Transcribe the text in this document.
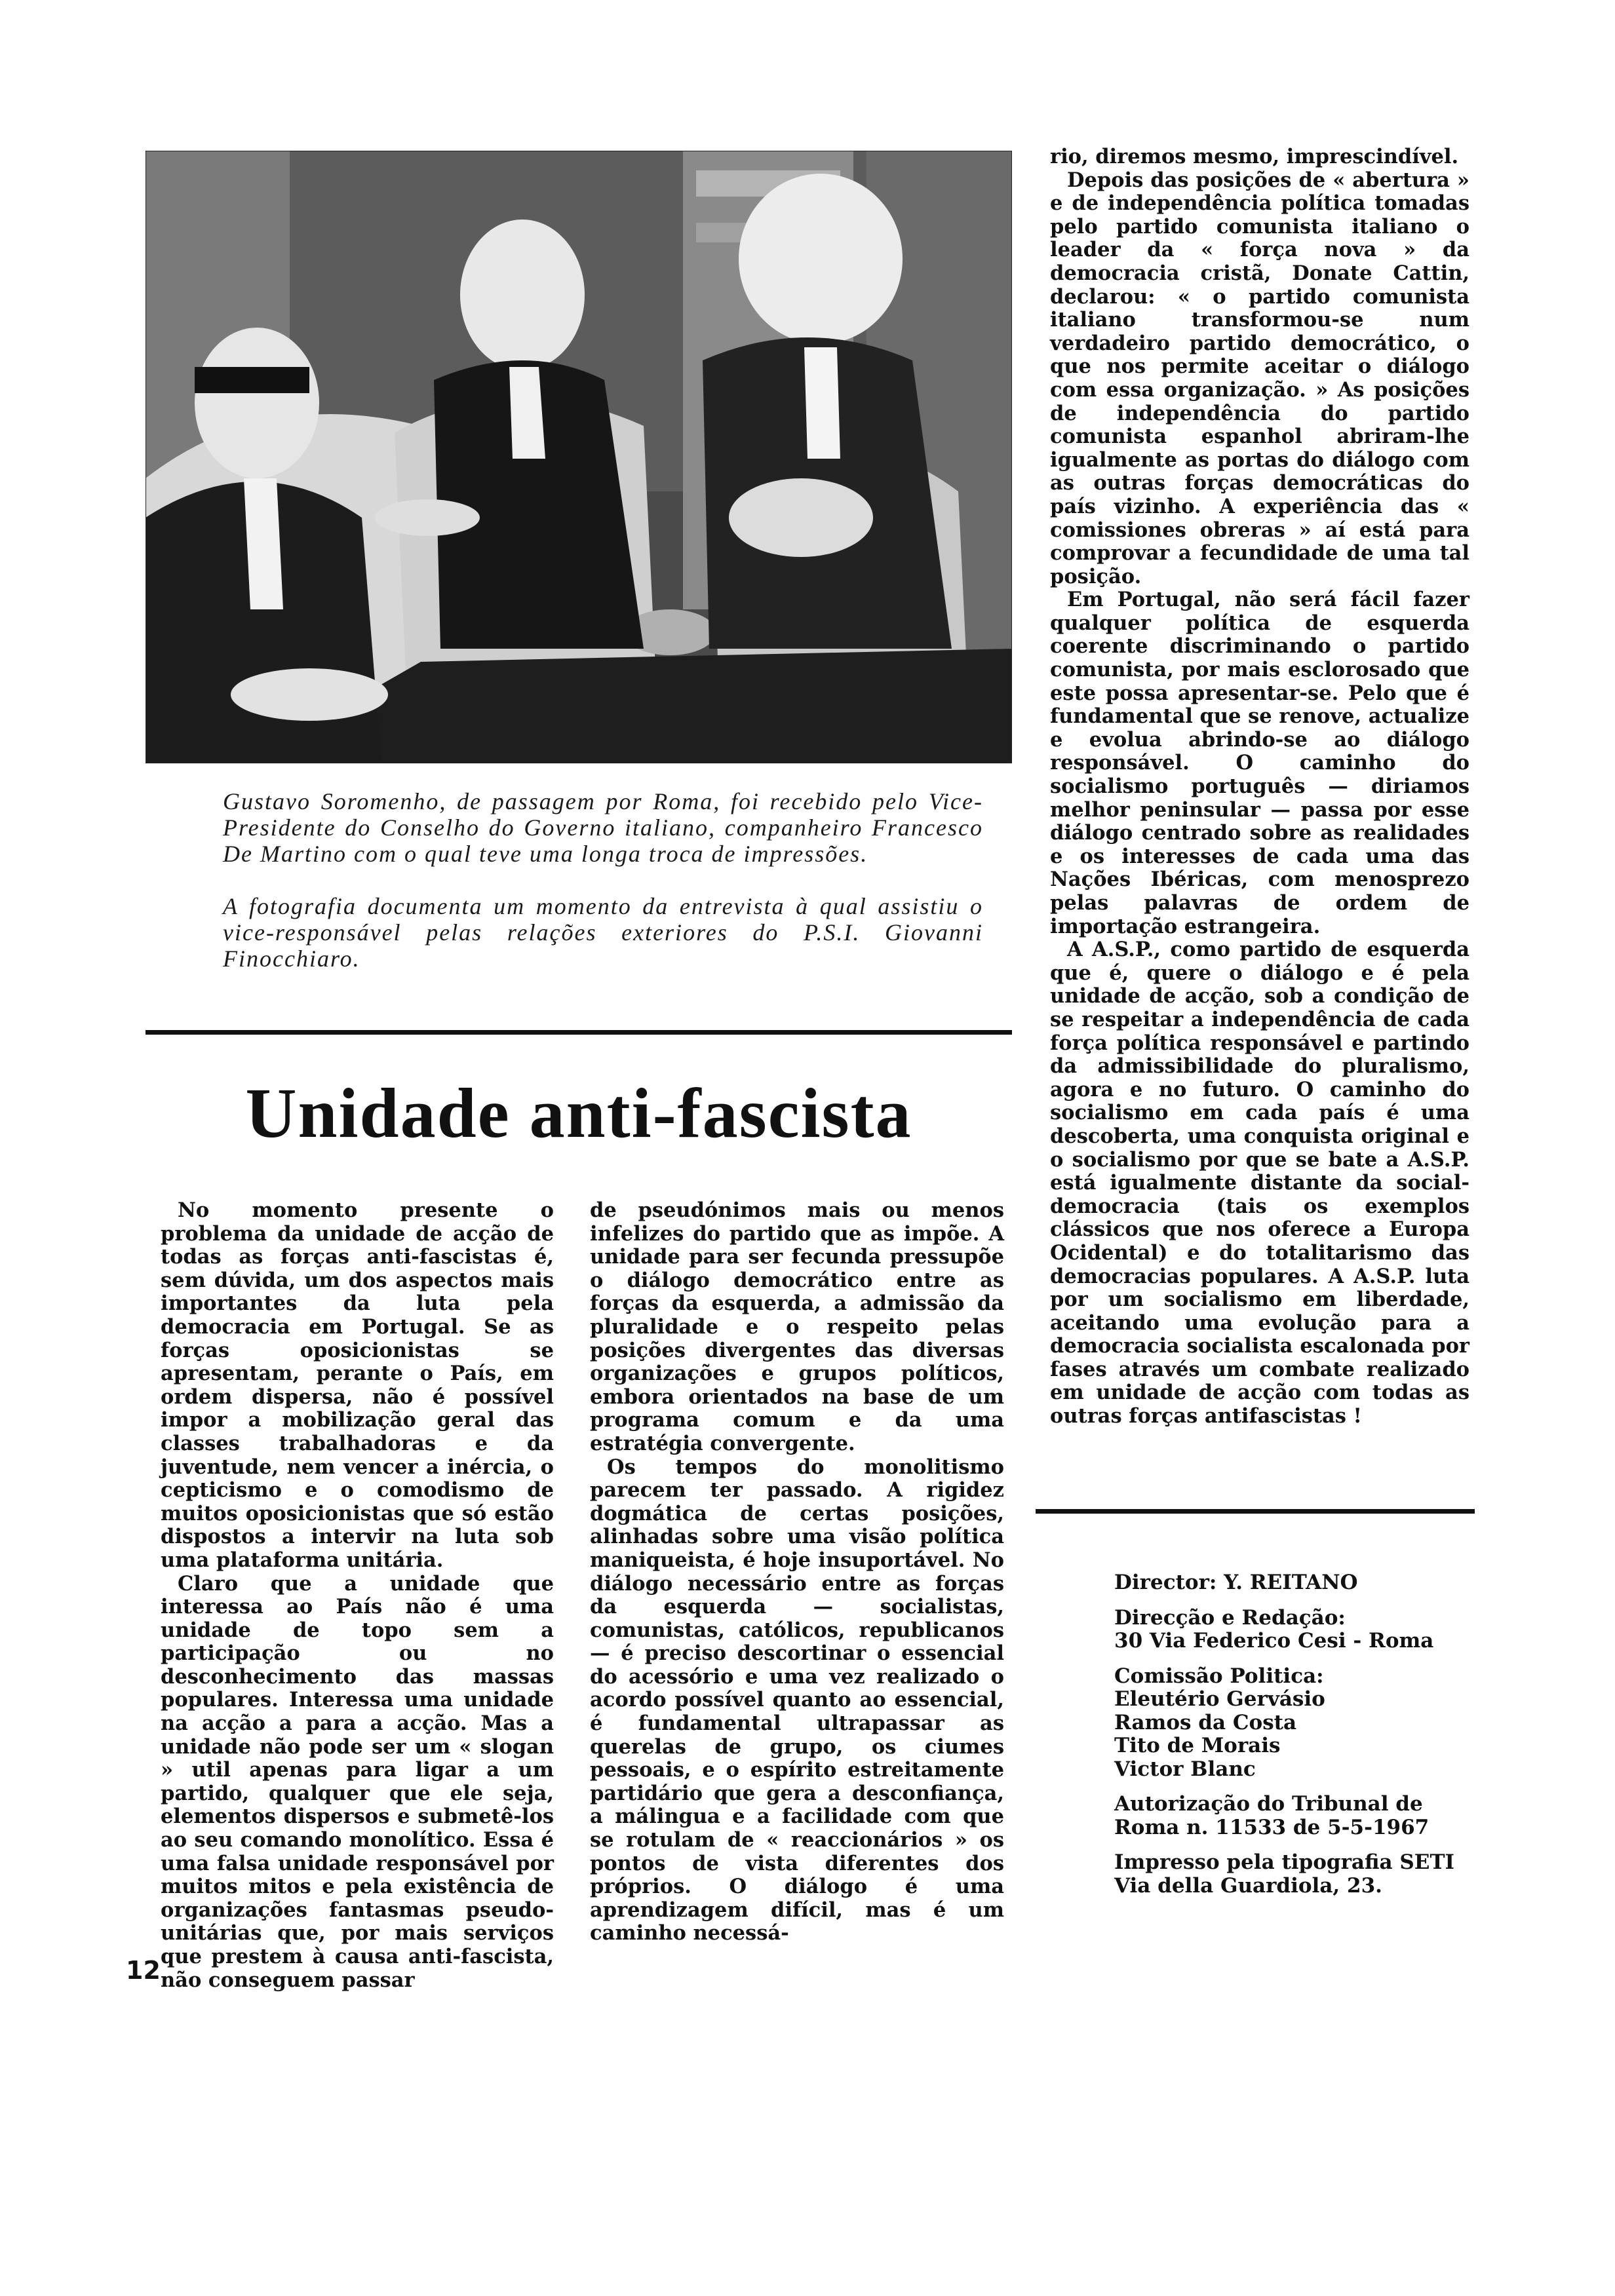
Gustavo Soromenho, de passagem por Roma, foi recebido pelo Vice-Presidente do Conselho do Governo italiano, companheiro Francesco De Martino com o qual teve uma longa troca de impressões.

A fotografia documenta um momento da entrevista à qual assistiu o vice-responsável pelas relações exteriores do P.S.I. Giovanni Finocchiaro.

Unidade anti-fascista

No momento presente o problema da unidade de acção de todas as forças anti-fascistas é, sem dúvida, um dos aspectos mais importantes da luta pela democracia em Portugal. Se as forças oposicionistas se apresentam, perante o País, em ordem dispersa, não é possível impor a mobilização geral das classes trabalhadoras e da juventude, nem vencer a inércia, o cepticismo e o comodismo de muitos oposicionistas que só estão dispostos a intervir na luta sob uma plataforma unitária.

Claro que a unidade que interessa ao País não é uma unidade de topo sem a participação ou no desconhecimento das massas populares. Interessa uma unidade na acção a para a acção. Mas a unidade não pode ser um « slogan » util apenas para ligar a um partido, qualquer que ele seja, elementos dispersos e submetê-los ao seu comando monolítico. Essa é uma falsa unidade responsável por muitos mitos e pela existência de organizações fantasmas pseudo-unitárias que, por mais serviços que prestem à causa anti-fascista, não conseguem passar

de pseudónimos mais ou menos infelizes do partido que as impõe. A unidade para ser fecunda pressupõe o diálogo democrático entre as forças da esquerda, a admissão da pluralidade e o respeito pelas posições divergentes das diversas organizações e grupos políticos, embora orientados na base de um programa comum e da uma estratégia convergente.

Os tempos do monolitismo parecem ter passado. A rigidez dogmática de certas posições, alinhadas sobre uma visão política maniqueista, é hoje insuportável. No diálogo necessário entre as forças da esquerda — socialistas, comunistas, católicos, republicanos — é preciso descortinar o essencial do acessório e uma vez realizado o acordo possível quanto ao essencial, é fundamental ultrapassar as querelas de grupo, os ciumes pessoais, e o espírito estreitamente partidário que gera a desconfiança, a málingua e a facilidade com que se rotulam de « reaccionários » os pontos de vista diferentes dos próprios. O diálogo é uma aprendizagem difícil, mas é um caminho necessá-

rio, diremos mesmo, imprescindível.

Depois das posições de « abertura » e de independência política tomadas pelo partido comunista italiano o leader da « força nova » da democracia cristã, Donate Cattin, declarou: « o partido comunista italiano transformou-se num verdadeiro partido democrático, o que nos permite aceitar o diálogo com essa organização. » As posições de independência do partido comunista espanhol abriram-lhe igualmente as portas do diálogo com as outras forças democráticas do país vizinho. A experiência das « comissiones obreras » aí está para comprovar a fecundidade de uma tal posição.

Em Portugal, não será fácil fazer qualquer política de esquerda coerente discriminando o partido comunista, por mais esclorosado que este possa apresentar-se. Pelo que é fundamental que se renove, actualize e evolua abrindo-se ao diálogo responsável. O caminho do socialismo português — diriamos melhor peninsular — passa por esse diálogo centrado sobre as realidades e os interesses de cada uma das Nações Ibéricas, com menosprezo pelas palavras de ordem de importação estrangeira.

A A.S.P., como partido de esquerda que é, quere o diálogo e é pela unidade de acção, sob a condição de se respeitar a independência de cada força política responsável e partindo da admissibilidade do pluralismo, agora e no futuro. O caminho do socialismo em cada país é uma descoberta, uma conquista original e o socialismo por que se bate a A.S.P. está igualmente distante da social-democracia (tais os exemplos clássicos que nos oferece a Europa Ocidental) e do totalitarismo das democracias populares. A A.S.P. luta por um socialismo em liberdade, aceitando uma evolução para a democracia socialista escalonada por fases através um combate realizado em unidade de acção com todas as outras forças antifascistas !

Director: Y. REITANO
Direcção e Redação:
30 Via Federico Cesi - Roma
Comissão Politica:
Eleutério Gervásio
Ramos da Costa
Tito de Morais
Victor Blanc
Autorização do Tribunal de
Roma n. 11533 de 5-5-1967
Impresso pela tipografia SETI
Via della Guardiola, 23.
12
